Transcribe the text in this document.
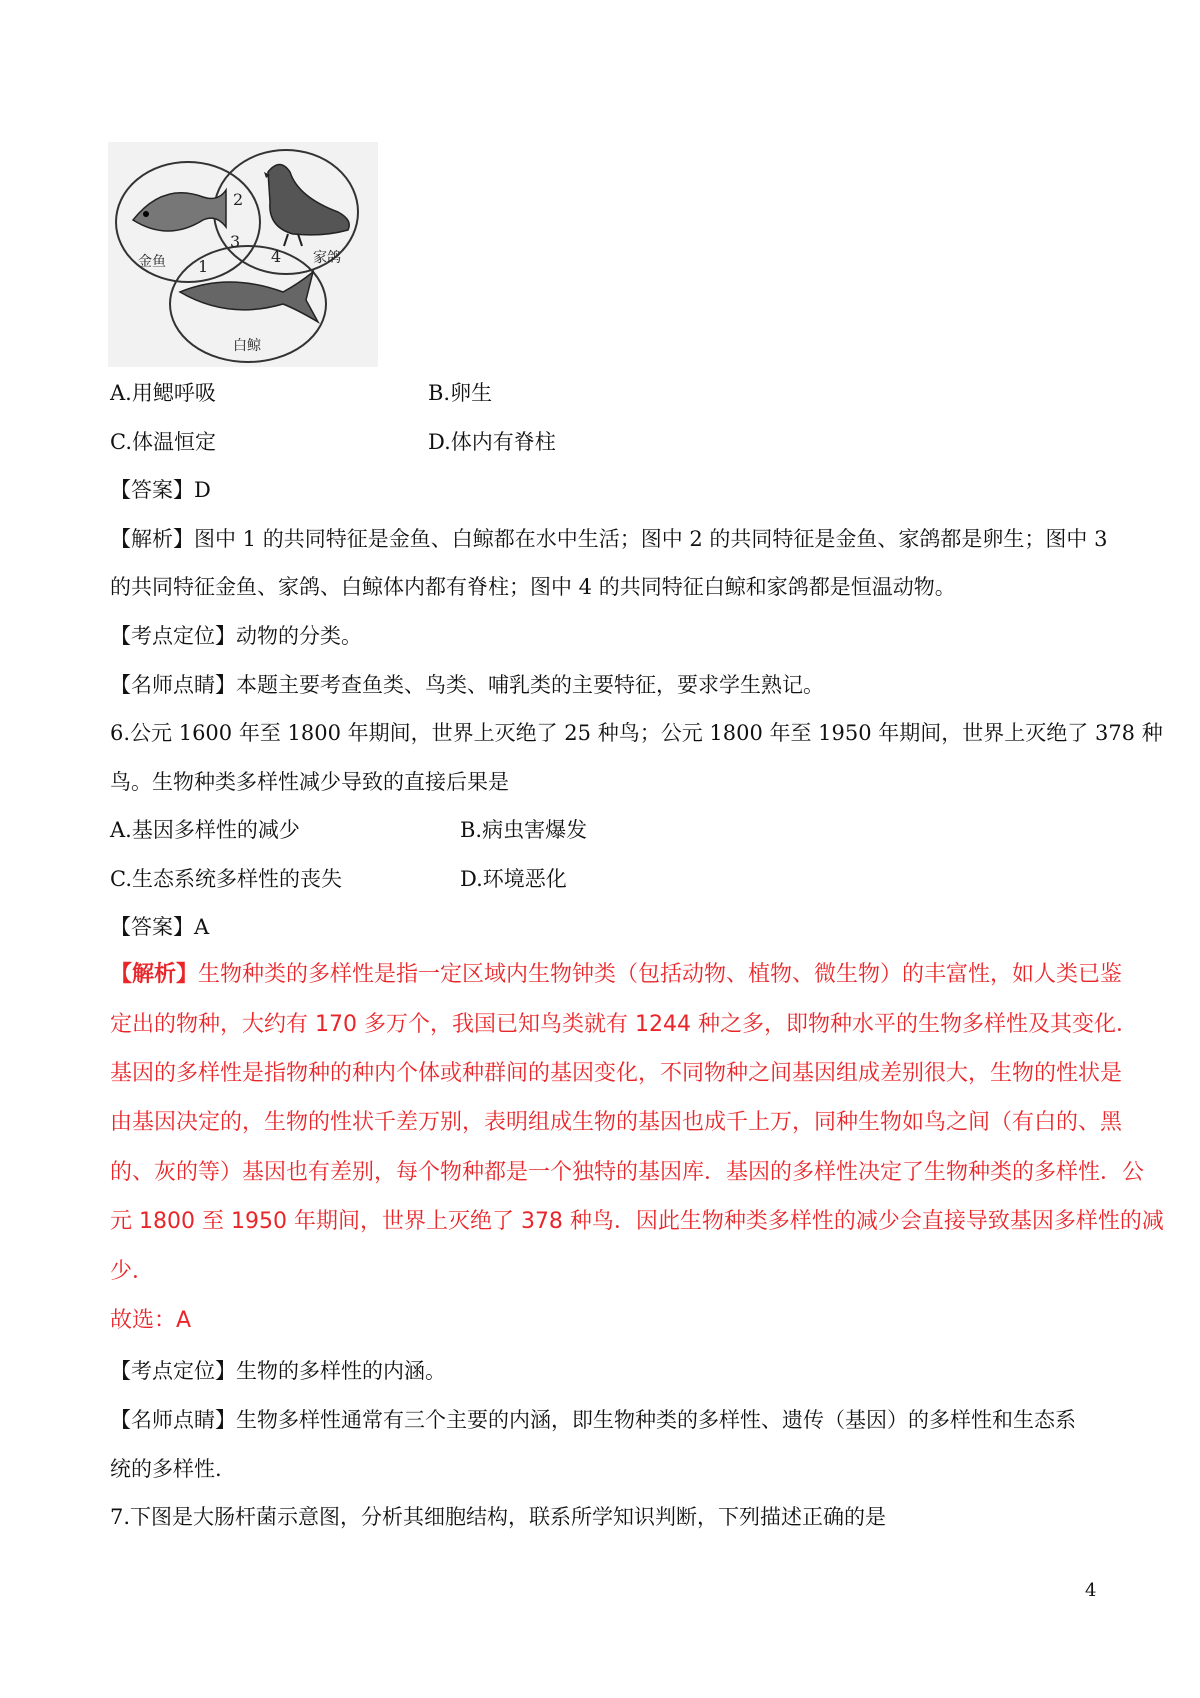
金鱼	家鸽
白鲸
1
2
3
4
A.用鳃呼吸	B.卵生
C.体温恒定	D.体内有脊柱
【答案】D
【解析】图中 1 的共同特征是金鱼、白鲸都在水中生活；图中 2 的共同特征是金鱼、家鸽都是卵生；图中 3
的共同特征金鱼、家鸽、白鲸体内都有脊柱；图中 4 的共同特征白鲸和家鸽都是恒温动物。
【考点定位】动物的分类。
【名师点睛】本题主要考查鱼类、鸟类、哺乳类的主要特征，要求学生熟记。
6.公元 1600 年至 1800 年期间，世界上灭绝了 25 种鸟；公元 1800 年至 1950 年期间，世界上灭绝了 378 种
鸟。生物种类多样性减少导致的直接后果是
A.基因多样性的减少	B.病虫害爆发
C.生态系统多样性的丧失	D.环境恶化
【答案】A
【解析】生物种类的多样性是指一定区域内生物钟类（包括动物、植物、微生物）的丰富性，如人类已鉴
定出的物种，大约有 170 多万个，我国已知鸟类就有 1244 种之多，即物种水平的生物多样性及其变化．
基因的多样性是指物种的种内个体或种群间的基因变化，不同物种之间基因组成差别很大，生物的性状是
由基因决定的，生物的性状千差万别，表明组成生物的基因也成千上万，同种生物如鸟之间（有白的、黑
的、灰的等）基因也有差别，每个物种都是一个独特的基因库．基因的多样性决定了生物种类的多样性．公
元 1800 至 1950 年期间，世界上灭绝了 378 种鸟．因此生物种类多样性的减少会直接导致基因多样性的减
少．
故选：A
【考点定位】生物的多样性的内涵。
【名师点睛】生物多样性通常有三个主要的内涵，即生物种类的多样性、遗传（基因）的多样性和生态系
统的多样性.
7.下图是大肠杆菌示意图，分析其细胞结构，联系所学知识判断，下列描述正确的是
4
